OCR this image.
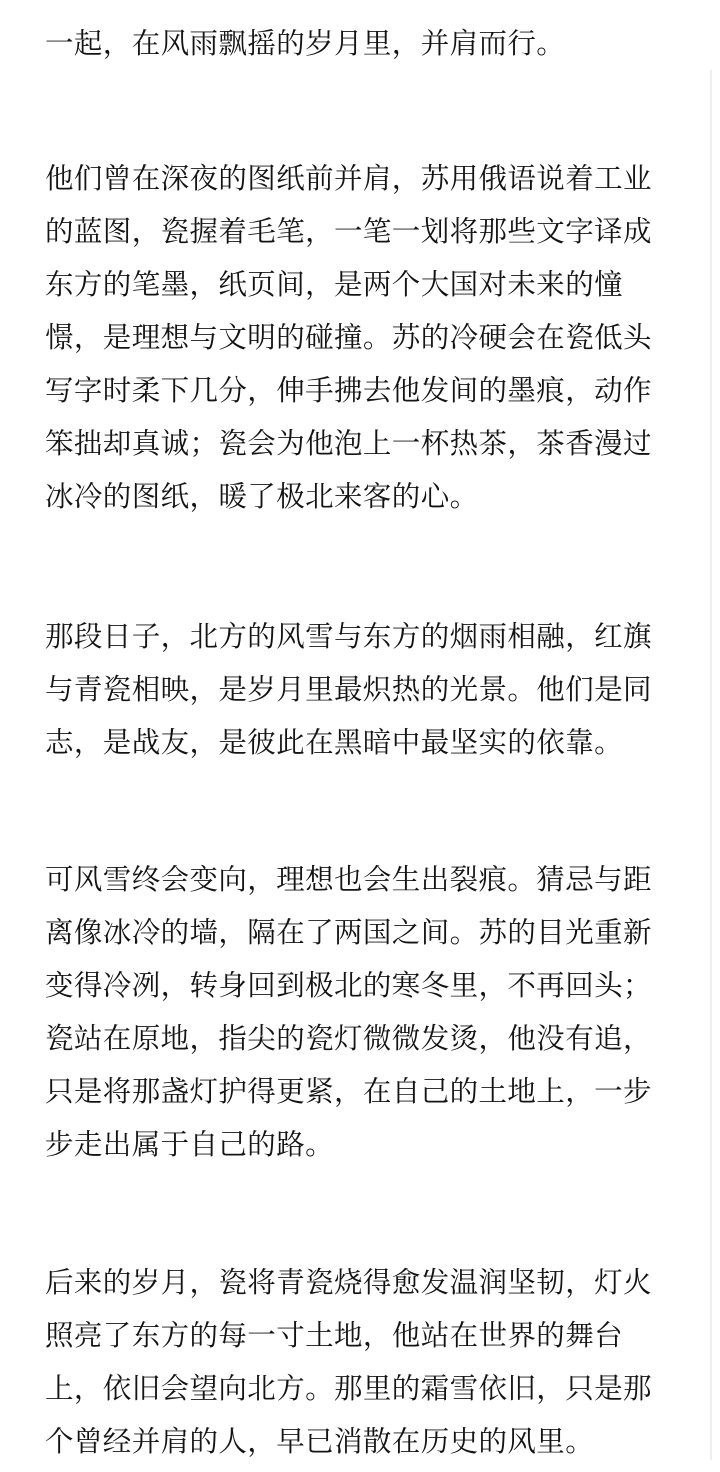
一起，在风雨飘摇的岁月里，并肩而行。

他们曾在深夜的图纸前并肩，苏用俄语说着工业的蓝图，瓷握着毛笔，一笔一划将那些文字译成东方的笔墨，纸页间，是两个大国对未来的憧憬，是理想与文明的碰撞。苏的冷硬会在瓷低头写字时柔下几分，伸手拂去他发间的墨痕，动作笨拙却真诚；瓷会为他泡上一杯热茶，茶香漫过冰冷的图纸，暖了极北来客的心。

那段日子，北方的风雪与东方的烟雨相融，红旗与青瓷相映，是岁月里最炽热的光景。他们是同志，是战友，是彼此在黑暗中最坚实的依靠。

可风雪终会变向，理想也会生出裂痕。猜忌与距离像冰冷的墙，隔在了两国之间。苏的目光重新变得冷冽，转身回到极北的寒冬里，不再回头；瓷站在原地，指尖的瓷灯微微发烫，他没有追，只是将那盏灯护得更紧，在自己的土地上，一步步走出属于自己的路。

后来的岁月，瓷将青瓷烧得愈发温润坚韧，灯火照亮了东方的每一寸土地，他站在世界的舞台上，依旧会望向北方。那里的霜雪依旧，只是那个曾经并肩的人，早已消散在历史的风里。
